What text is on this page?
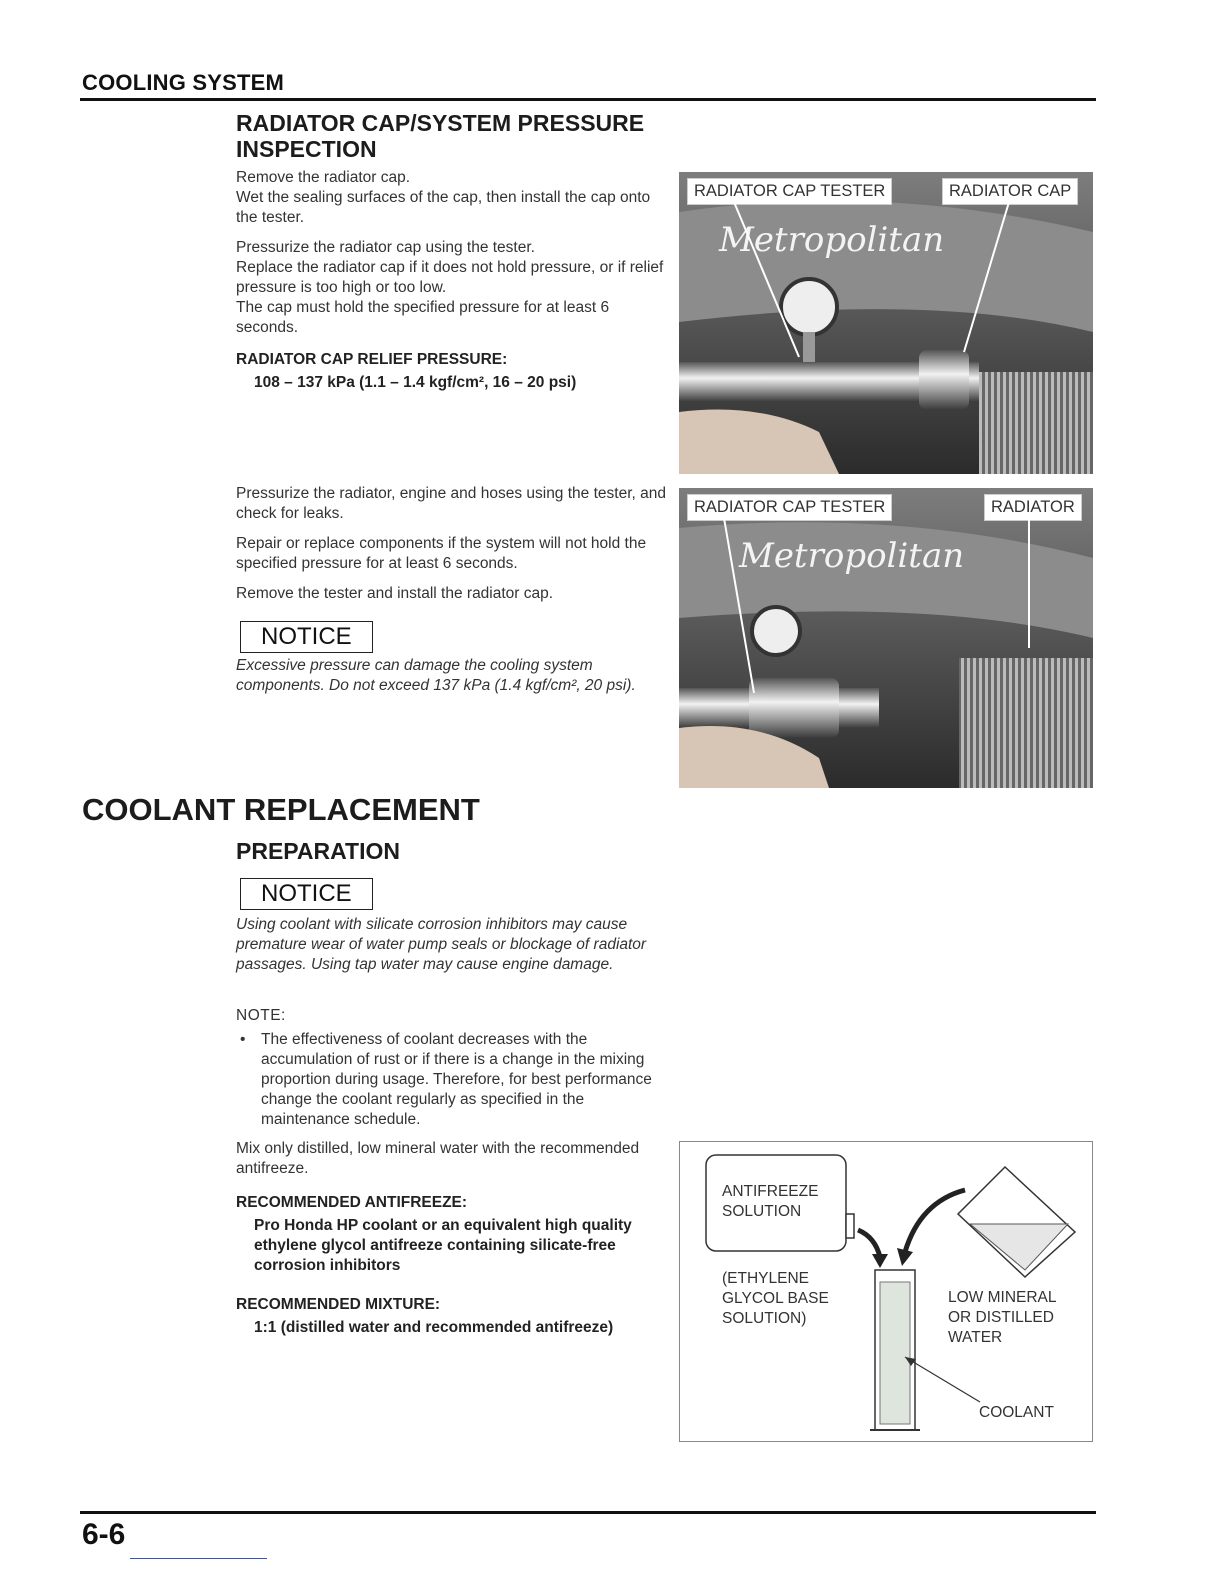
COOLING SYSTEM
RADIATOR CAP/SYSTEM PRESSURE
INSPECTION

Remove the radiator cap.
Wet the sealing surfaces of the cap, then install the cap onto the tester.

Pressurize the radiator cap using the tester.
Replace the radiator cap if it does not hold pressure, or if relief pressure is too high or too low.
The cap must hold the specified pressure for at least 6 seconds.

RADIATOR CAP RELIEF PRESSURE:
108 – 137 kPa (1.1 – 1.4 kgf/cm², 16 – 20 psi)

Pressurize the radiator, engine and hoses using the tester, and check for leaks.

Repair or replace components if the system will not hold the specified pressure for at least 6 seconds.

Remove the tester and install the radiator cap.

NOTICE
Excessive pressure can damage the cooling system components. Do not exceed 137 kPa (1.4 kgf/cm², 20 psi).
RADIATOR CAP TESTER	RADIATOR CAP
Metropolitan
RADIATOR CAP TESTER	RADIATOR
Metropolitan
COOLANT REPLACEMENT
PREPARATION
NOTICE
Using coolant with silicate corrosion inhibitors may cause premature wear of water pump seals or blockage of radiator passages. Using tap water may cause engine damage.
NOTE:
• The effectiveness of coolant decreases with the accumulation of rust or if there is a change in the mixing proportion during usage. Therefore, for best performance change the coolant regularly as specified in the maintenance schedule.
Mix only distilled, low mineral water with the recommended antifreeze.
RECOMMENDED ANTIFREEZE:
Pro Honda HP coolant or an equivalent high quality ethylene glycol antifreeze containing silicate-free corrosion inhibitors
RECOMMENDED MIXTURE:
1:1 (distilled water and recommended antifreeze)
ANTIFREEZE
SOLUTION
(ETHYLENE
GLYCOL BASE
SOLUTION)
LOW MINERAL
OR DISTILLED
WATER
COOLANT
6-6
